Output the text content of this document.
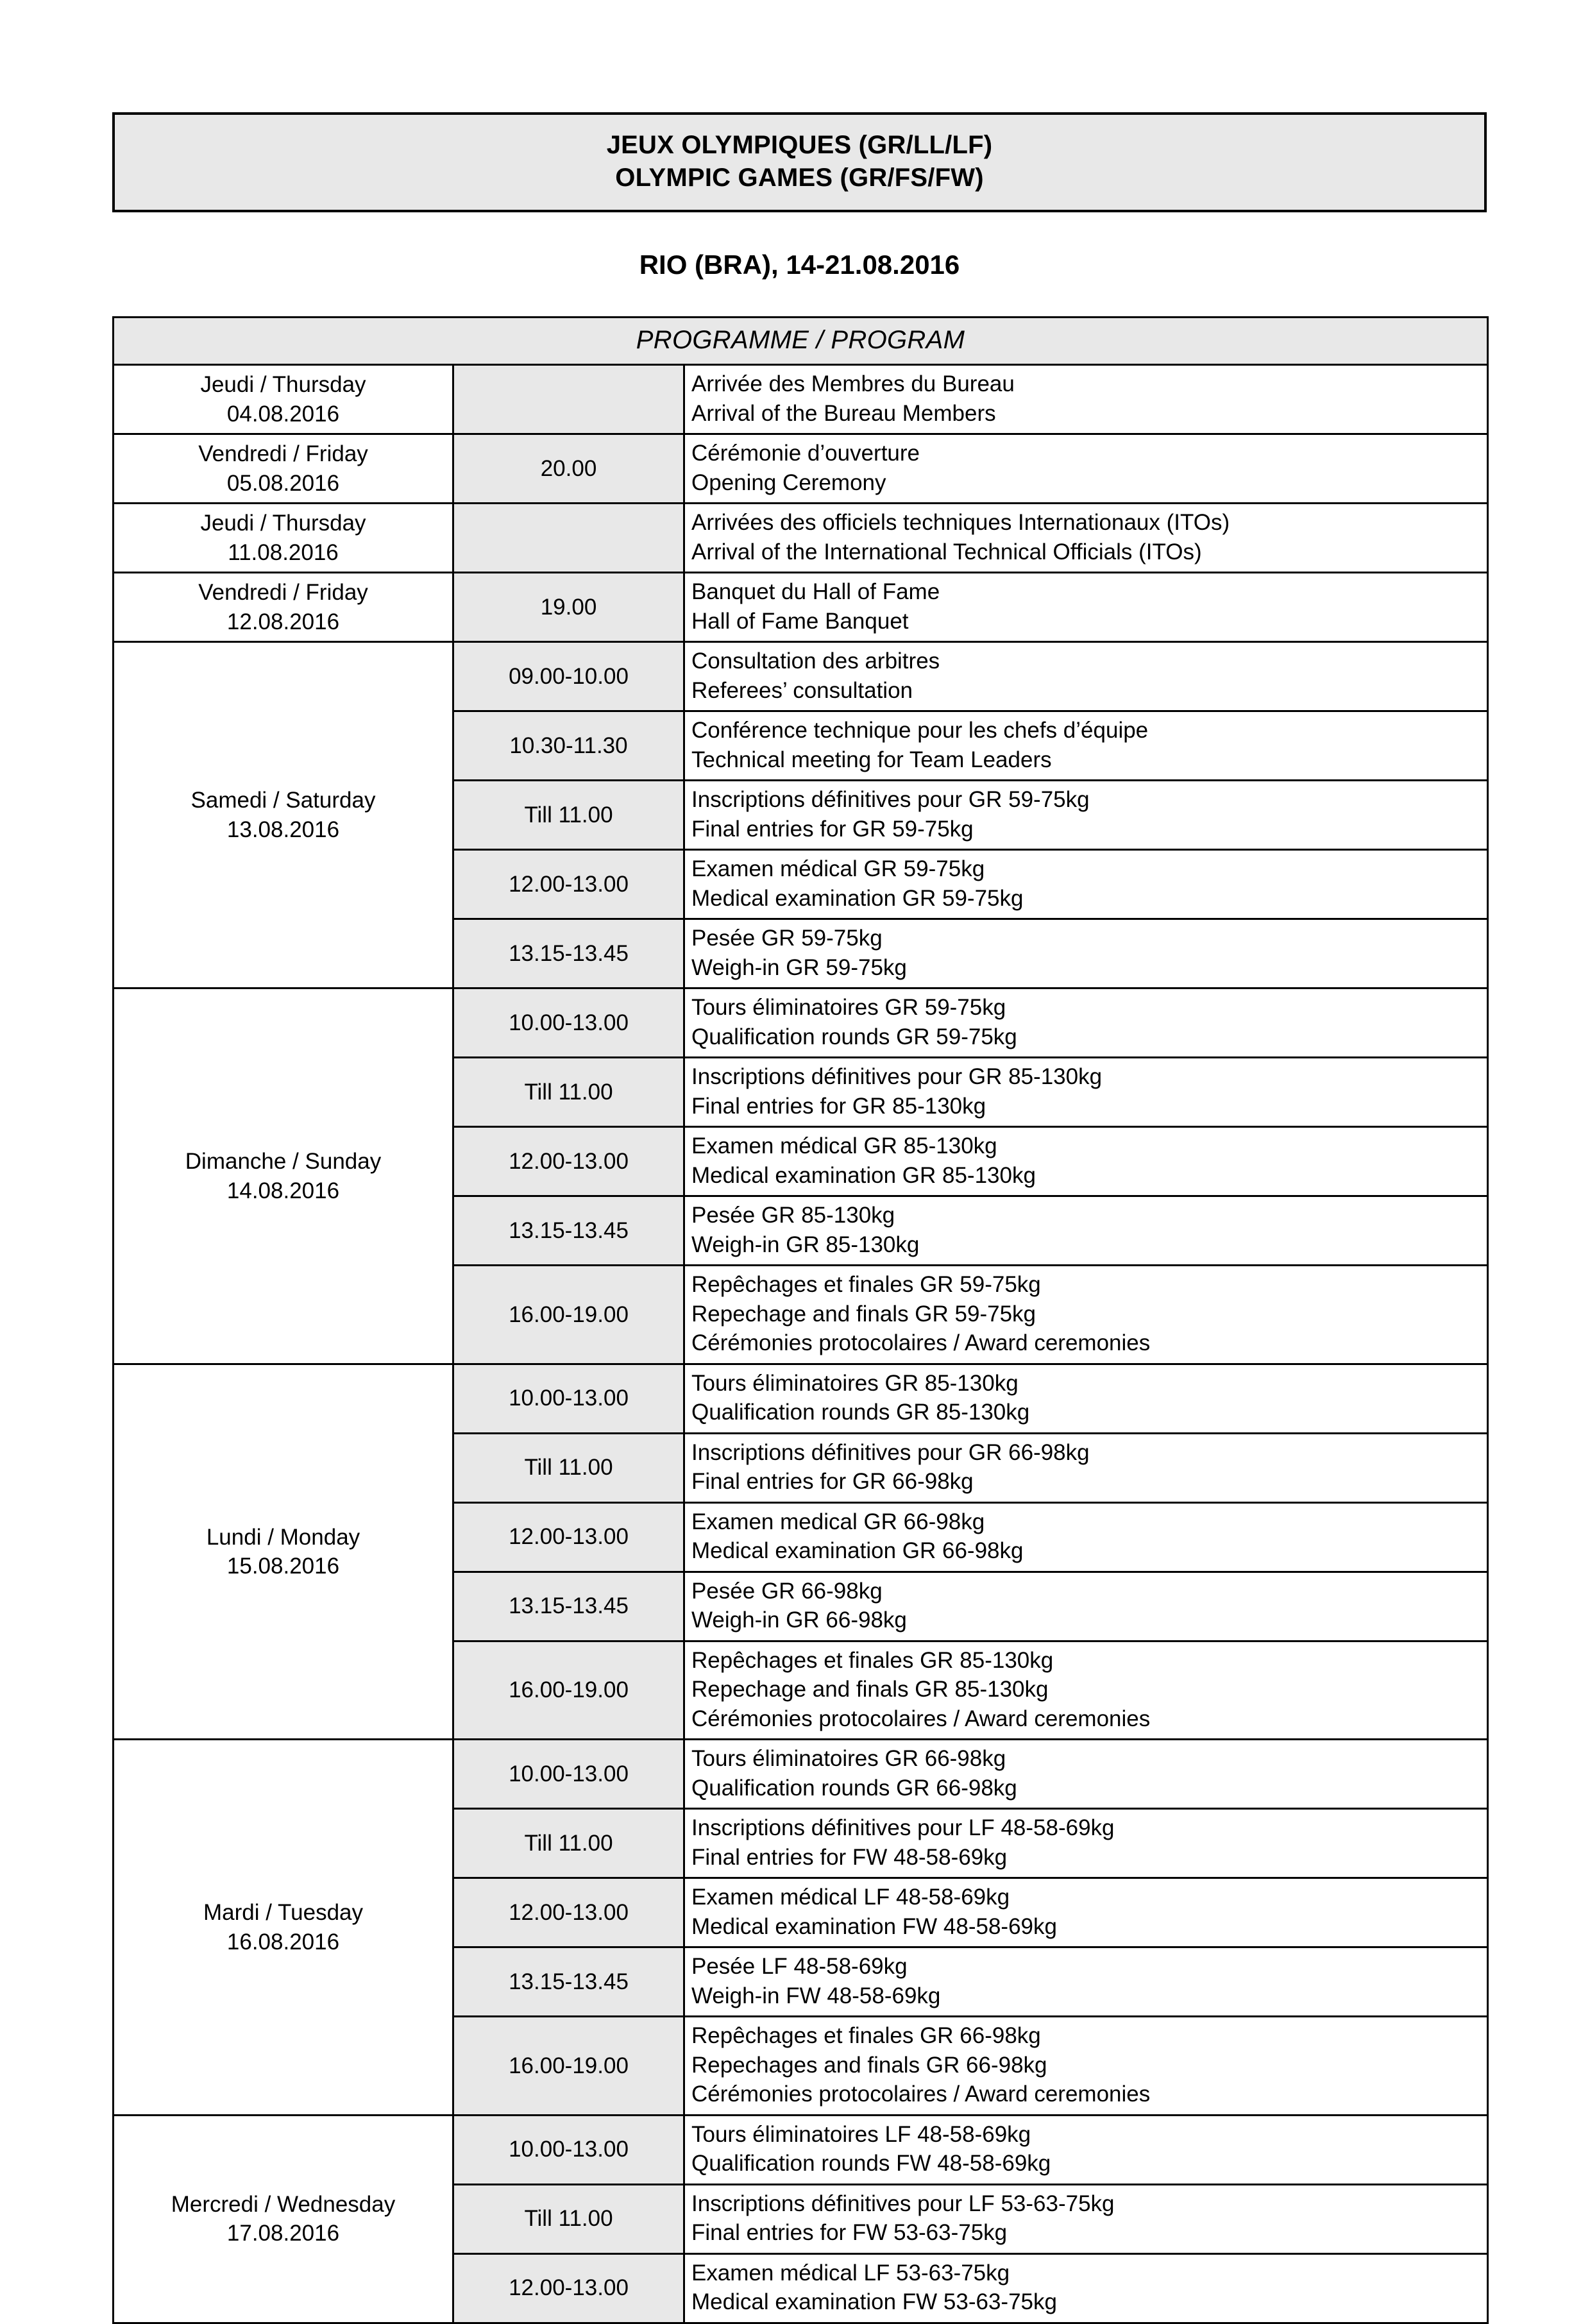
JEUX OLYMPIQUES (GR/LL/LF)
OLYMPIC GAMES (GR/FS/FW)
RIO (BRA), 14-21.08.2016
PROGRAMME / PROGRAM		

Jeudi / Thursday
04.08.2016		Arrivée des Membres du Bureau
Arrival of the Bureau Members

Vendredi / Friday
05.08.2016	20.00	Cérémonie d’ouverture
Opening Ceremony

Jeudi / Thursday
11.08.2016		Arrivées des officiels techniques Internationaux (ITOs)
Arrival of the International Technical Officials (ITOs)

Vendredi / Friday
12.08.2016	19.00	Banquet du Hall of Fame
Hall of Fame Banquet

Samedi / Saturday
13.08.2016	09.00-10.00	Consultation des arbitres
Referees’ consultation

	10.30-11.30	Conférence technique pour les chefs d’équipe
Technical meeting for Team Leaders

	Till 11.00	Inscriptions définitives pour GR 59-75kg
Final entries for GR 59-75kg

	12.00-13.00	Examen médical GR 59-75kg
Medical examination GR 59-75kg

	13.15-13.45	Pesée GR 59-75kg
Weigh-in GR 59-75kg

Dimanche / Sunday
14.08.2016	10.00-13.00	Tours éliminatoires GR 59-75kg
Qualification rounds GR 59-75kg

	Till 11.00	Inscriptions définitives pour GR 85-130kg
Final entries for GR 85-130kg

	12.00-13.00	Examen médical GR 85-130kg
Medical examination GR 85-130kg

	13.15-13.45	Pesée GR 85-130kg
Weigh-in GR 85-130kg

	16.00-19.00	Repêchages et finales GR 59-75kg
Repechage and finals GR 59-75kg
Cérémonies protocolaires / Award ceremonies

Lundi / Monday
15.08.2016	10.00-13.00	Tours éliminatoires GR 85-130kg
Qualification rounds GR 85-130kg

	Till 11.00	Inscriptions définitives pour GR 66-98kg
Final entries for GR 66-98kg

	12.00-13.00	Examen medical GR 66-98kg
Medical examination GR 66-98kg

	13.15-13.45	Pesée GR 66-98kg
Weigh-in GR 66-98kg

	16.00-19.00	Repêchages et finales GR 85-130kg
Repechage and finals GR 85-130kg
Cérémonies protocolaires / Award ceremonies

Mardi / Tuesday
16.08.2016	10.00-13.00	Tours éliminatoires GR 66-98kg
Qualification rounds GR 66-98kg

	Till 11.00	Inscriptions définitives pour LF 48-58-69kg
Final entries for FW 48-58-69kg

	12.00-13.00	Examen médical LF 48-58-69kg
Medical examination FW 48-58-69kg

	13.15-13.45	Pesée LF 48-58-69kg
Weigh-in FW 48-58-69kg

	16.00-19.00	Repêchages et finales GR 66-98kg
Repechages and finals GR 66-98kg
Cérémonies protocolaires / Award ceremonies

Mercredi / Wednesday
17.08.2016	10.00-13.00	Tours éliminatoires LF 48-58-69kg
Qualification rounds FW 48-58-69kg

	Till 11.00	Inscriptions définitives pour LF 53-63-75kg
Final entries for FW 53-63-75kg

	12.00-13.00	Examen médical LF 53-63-75kg
Medical examination FW 53-63-75kg
